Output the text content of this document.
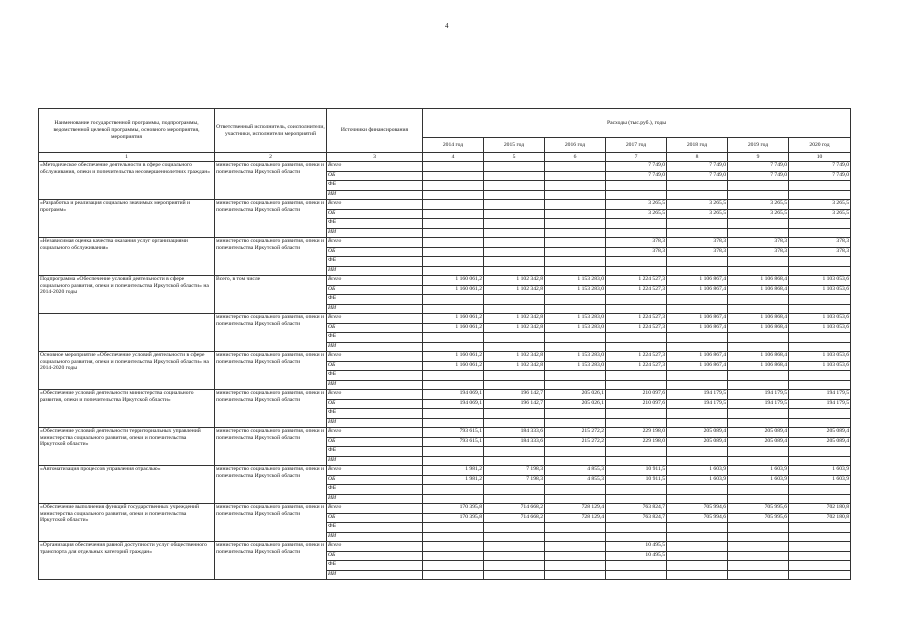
4
Наименование государственной программы, подпрограммы, ведомственной целевой программы, основного мероприятия, мероприятия	Ответственный исполнитель, соисполнители, участники, исполнители мероприятий	Источники финансирования	Расходы (тыс.руб.), годы						
			2014 год	2015 год	2016 год	2017 год	2018 год	2019 год	2020 год
1	2	3	4	5	6	7	8	9	10
«Методическое обеспечение деятельности в сфере социального обслуживания, опеки и попечительства несовершеннолетних граждан»	министерство социального развития, опеки и попечительства Иркутской области	Всего				7 749,0	7 749,0	7 749,0	7 749,0
		ОБ				7 749,0	7 749,0	7 749,0	7 749,0
		ФБ							
		ИИ							
«Разработка и реализация социально значимых мероприятий и программ»	министерство социального развития, опеки и попечительства Иркутской области	Всего				3 265,5	3 265,5	3 265,5	3 265,5
		ОБ				3 265,5	3 265,5	3 265,5	3 265,5
		ФБ							
		ИИ							
«Независимая оценка качества оказания услуг организациями социального обслуживания»	министерство социального развития, опеки и попечительства Иркутской области	Всего				378,3	378,3	378,3	378,3
		ОБ				378,3	378,3	378,3	378,3
		ФБ							
		ИИ							
Подпрограмма «Обеспечение условий деятельности в сфере социального развития, опеки и попечительства Иркутской области» на 2014-2020 годы	Всего, в том числе	Всего	1 160 061,2	1 102 342,8	1 153 283,0	1 224 527,3	1 106 867,4	1 106 868,4	1 103 053,6
		ОБ	1 160 061,2	1 102 342,8	1 153 283,0	1 224 527,3	1 106 867,4	1 106 868,4	1 103 053,6
		ФБ							
		ИИ							
	министерство социального развития, опеки и попечительства Иркутской области	Всего	1 160 061,2	1 102 342,8	1 153 283,0	1 224 527,3	1 106 867,4	1 106 868,4	1 103 053,6
		ОБ	1 160 061,2	1 102 342,8	1 153 283,0	1 224 527,3	1 106 867,4	1 106 868,4	1 103 053,6
		ФБ							
		ИИ							
Основное мероприятие «Обеспечение условий деятельности в сфере социального развития, опеки и попечительства Иркутской области» на 2014-2020 годы	министерство социального развития, опеки и попечительства Иркутской области	Всего	1 160 061,2	1 102 342,8	1 153 283,0	1 224 527,3	1 106 867,4	1 106 868,4	1 103 053,6
		ОБ	1 160 061,2	1 102 342,8	1 153 283,0	1 224 527,3	1 106 867,4	1 106 868,4	1 103 053,6
		ФБ							
		ИИ							
«Обеспечение условий деятельности министерства социального развития, опеки и попечительства Иркутской области»	министерство социального развития, опеки и попечительства Иркутской области	Всего	194 069,1	196 142,7	205 026,1	210 097,6	194 179,5	194 179,5	194 179,5
		ОБ	194 069,1	196 142,7	205 026,1	210 097,6	194 179,5	194 179,5	194 179,5
		ФБ							
		ИИ							
«Обеспечение условий деятельности территориальных управлений министерства социального развития, опеки и попечительства Иркутской области»	министерство социального развития, опеки и попечительства Иркутской области	Всего	793 615,1	184 333,6	215 272,2	229 198,0	205 089,4	205 089,4	205 089,4
		ОБ	793 615,1	184 333,6	215 272,2	229 198,0	205 089,4	205 089,4	205 089,4
		ФБ							
		ИИ							
«Автоматизация процессов управления отраслью»	министерство социального развития, опеки и попечительства Иркутской области	Всего	1 981,2	7 198,3	4 855,3	10 911,5	1 603,9	1 603,9	1 603,9
		ОБ	1 981,2	7 198,3	4 855,3	10 911,5	1 603,9	1 603,9	1 603,9
		ФБ							
		ИИ							
«Обеспечение выполнения функций государственных учреждений министерства социального развития, опеки и попечительства Иркутской области»	министерство социального развития, опеки и попечительства Иркутской области	Всего	170 395,8	714 668,2	728 129,4	763 824,7	705 994,6	705 995,6	702 180,8
		ОБ	170 395,8	714 668,2	728 129,4	763 824,7	705 994,6	705 995,6	702 180,8
		ФБ							
		ИИ							
«Организация обеспечения равной доступности услуг общественного транспорта для отдельных категорий граждан»	министерство социального развития, опеки и попечительства Иркутской области	Всего				10 495,5			
		ОБ				10 495,5			
		ФБ							
		ИИ							
